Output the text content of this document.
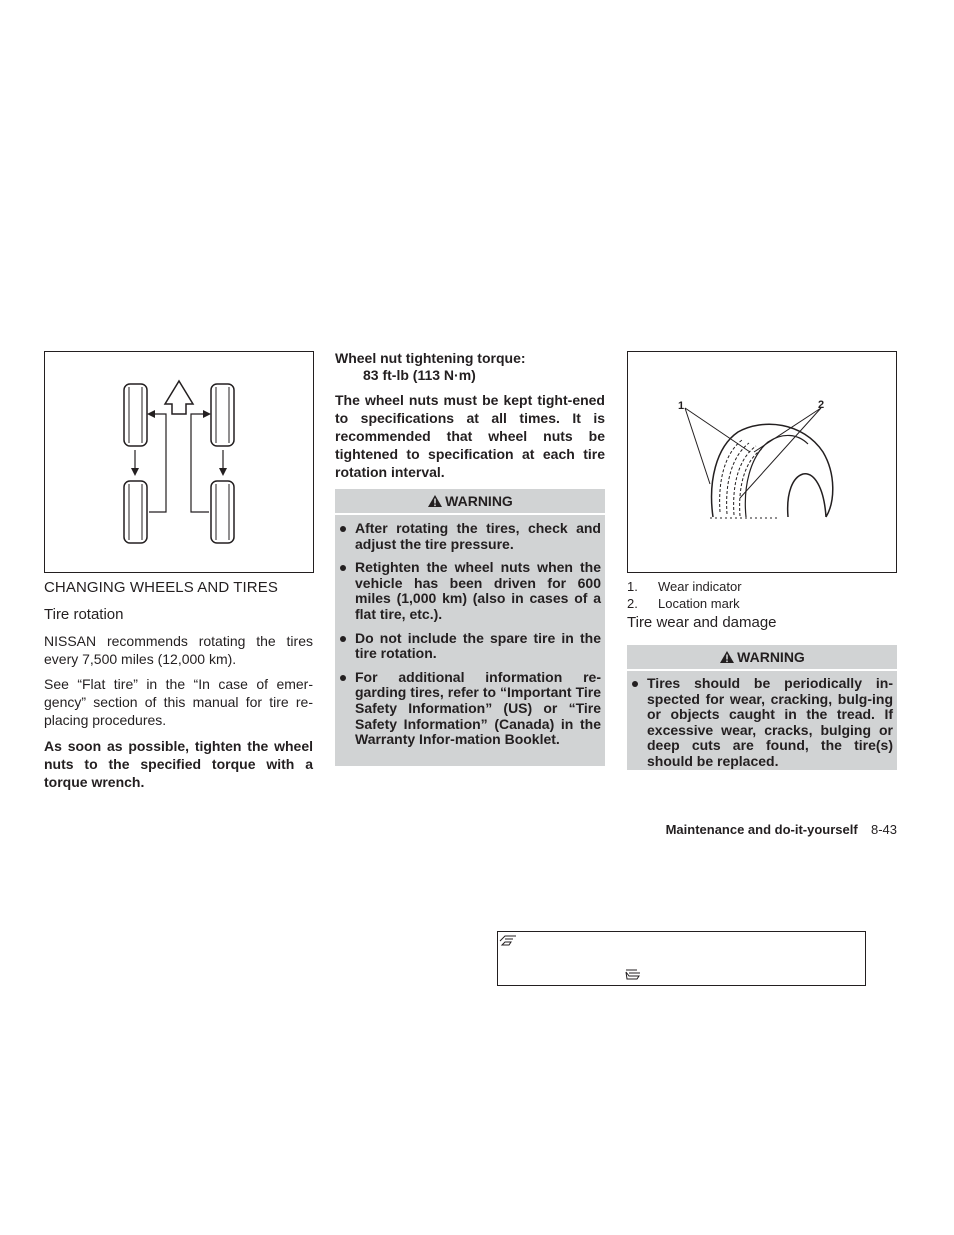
CHANGING WHEELS AND TIRES
Tire rotation
NISSAN recommends rotating the tires every 7,500 miles (12,000 km).
See “Flat tire” in the “In case of emer-gency” section of this manual for tire re-placing procedures.
As soon as possible, tighten the wheel nuts to the specified torque with a torque wrench.
Wheel nut tightening torque:
83 ft-lb (113 N·m)
The wheel nuts must be kept tight-ened to specifications at all times. It is recommended that wheel nuts be tightened to specification at each tire rotation interval.
WARNING
After rotating the tires, check and adjust the tire pressure.
Retighten the wheel nuts when the vehicle has been driven for 600 miles (1,000 km) (also in cases of a flat tire, etc.).
Do not include the spare tire in the tire rotation.
For additional information re-garding tires, refer to “Important Tire Safety Information” (US) or “Tire Safety Information” (Canada) in the Warranty Infor-mation Booklet.
1	2
1.	Wear indicator
2.	Location mark
Tire wear and damage
WARNING
Tires should be periodically in-spected for wear, cracking, bulg-ing or objects caught in the tread. If excessive wear, cracks, bulging or deep cuts are found, the tire(s) should be replaced.
Maintenance and do-it-yourself 8-43
